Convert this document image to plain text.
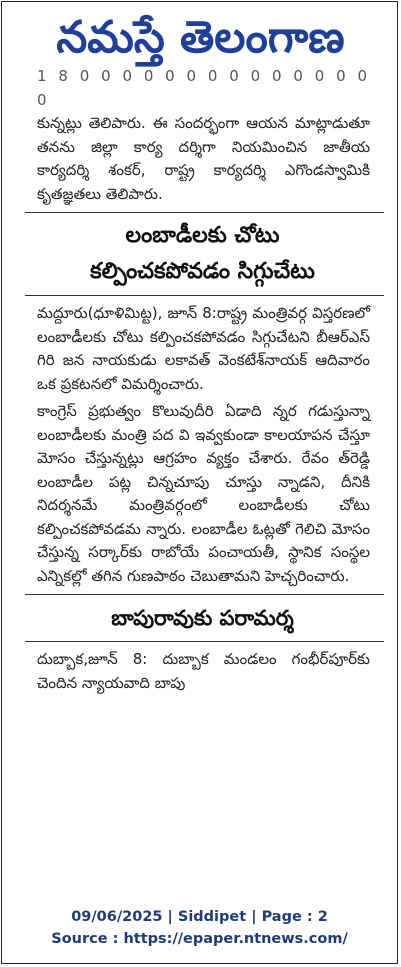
నమస్తే తెలంగాణ

1 8 0 0 0 0 0 0 0 0 0 0 0 0 0 0 0

కున్నట్లు తెలిపారు. ఈ సందర్భంగా ఆయన మాట్లాడుతూ తనను జిల్లా కార్య దర్శిగా నియమించిన జాతీయ కార్యదర్శి శంకర్, రాష్ట్ర కార్యదర్శి ఎగొండస్వామికి కృతజ్ఞతలు తెలిపారు.

లంబాడీలకు చోటు
కల్పించకపోవడం సిగ్గుచేటు

మద్దూరు(ధూళిమిట్ట), జూన్ 8:రాష్ట్ర మంత్రివర్గ విస్తరణలో లంబాడీలకు చోటు కల్పించకపోవడం సిగ్గుచేటని బీఆర్ఎస్ గిరి జన నాయకుడు లకావత్ వెంకటేశ్‌నాయక్ ఆదివారం ఒక ప్రకటనలో విమర్శించారు.

కాంగ్రెస్ ప్రభుత్వం కొలువుదీరి ఏడాది న్నర గడుస్తున్నా లంబాడీలకు మంత్రి పద వి ఇవ్వకుండా కాలయాపన చేస్తూ మోసం చేస్తున్నట్లు ఆగ్రహం వ్యక్తం చేశారు. రేవం త్‌రెడ్డి లంబాడీల పట్ల చిన్నచూపు చూస్తు న్నాడని, దీనికి నిదర్శనమే మంత్రివర్గంలో లంబాడీలకు చోటు కల్పించకపోవడమ న్నారు. లంబాడీల ఓట్లతో గెలిచి మోసం చేస్తున్న సర్కార్‌కు రాబోయే పంచాయతీ, స్థానిక సంస్థల ఎన్నికల్లో తగిన గుణపాఠం చెబుతామని హెచ్చరించారు.

బాపురావుకు పరామర్శ

దుబ్బాక,జూన్ 8: దుబ్బాక మండలం గంభీర్‌పూర్‌కు చెందిన న్యాయవాది బాపు

09/06/2025 | Siddipet | Page : 2
Source : https://epaper.ntnews.com/
